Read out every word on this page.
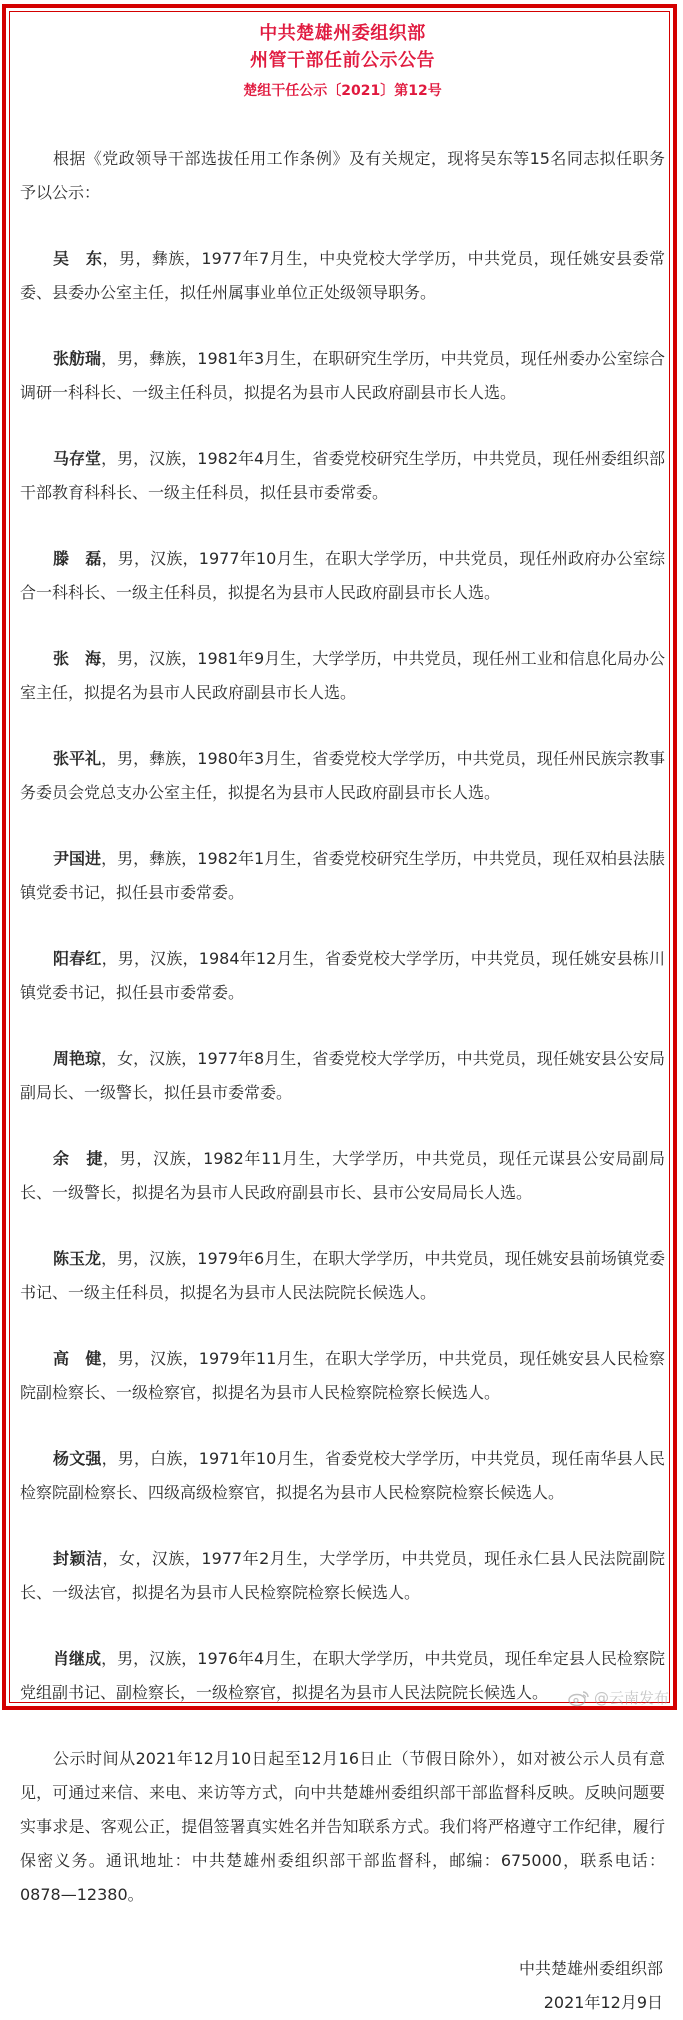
中共楚雄州委组织部
州管干部任前公示公告
楚组干任公示〔2021〕第12号

根据《党政领导干部选拔任用工作条例》及有关规定，现将吴东等15名同志拟任职务予以公示：

吴　东，男，彝族，1977年7月生，中央党校大学学历，中共党员，现任姚安县委常委、县委办公室主任，拟任州属事业单位正处级领导职务。

张舫瑞，男，彝族，1981年3月生，在职研究生学历，中共党员，现任州委办公室综合调研一科科长、一级主任科员，拟提名为县市人民政府副县市长人选。

马存堂，男，汉族，1982年4月生，省委党校研究生学历，中共党员，现任州委组织部干部教育科科长、一级主任科员，拟任县市委常委。

滕　磊，男，汉族，1977年10月生，在职大学学历，中共党员，现任州政府办公室综合一科科长、一级主任科员，拟提名为县市人民政府副县市长人选。

张　海，男，汉族，1981年9月生，大学学历，中共党员，现任州工业和信息化局办公室主任，拟提名为县市人民政府副县市长人选。

张平礼，男，彝族，1980年3月生，省委党校大学学历，中共党员，现任州民族宗教事务委员会党总支办公室主任，拟提名为县市人民政府副县市长人选。

尹国进，男，彝族，1982年1月生，省委党校研究生学历，中共党员，现任双柏县法脿镇党委书记，拟任县市委常委。

阳春红，男，汉族，1984年12月生，省委党校大学学历，中共党员，现任姚安县栋川镇党委书记，拟任县市委常委。

周艳琼，女，汉族，1977年8月生，省委党校大学学历，中共党员，现任姚安县公安局副局长、一级警长，拟任县市委常委。

余　捷，男，汉族，1982年11月生，大学学历，中共党员，现任元谋县公安局副局长、一级警长，拟提名为县市人民政府副县市长、县市公安局局长人选。

陈玉龙，男，汉族，1979年6月生，在职大学学历，中共党员，现任姚安县前场镇党委书记、一级主任科员，拟提名为县市人民法院院长候选人。

高　健，男，汉族，1979年11月生，在职大学学历，中共党员，现任姚安县人民检察院副检察长、一级检察官，拟提名为县市人民检察院检察长候选人。

杨文强，男，白族，1971年10月生，省委党校大学学历，中共党员，现任南华县人民检察院副检察长、四级高级检察官，拟提名为县市人民检察院检察长候选人。

封颖洁，女，汉族，1977年2月生，大学学历，中共党员，现任永仁县人民法院副院长、一级法官，拟提名为县市人民检察院检察长候选人。

肖继成，男，汉族，1976年4月生，在职大学学历，中共党员，现任牟定县人民检察院党组副书记、副检察长，一级检察官，拟提名为县市人民法院院长候选人。

公示时间从2021年12月10日起至12月16日止（节假日除外），如对被公示人员有意见，可通过来信、来电、来访等方式，向中共楚雄州委组织部干部监督科反映。反映问题要实事求是、客观公正，提倡签署真实姓名并告知联系方式。我们将严格遵守工作纪律，履行保密义务。通讯地址：中共楚雄州委组织部干部监督科，邮编：675000，联系电话：0878—12380。

中共楚雄州委组织部
2021年12月9日
@云南发布
